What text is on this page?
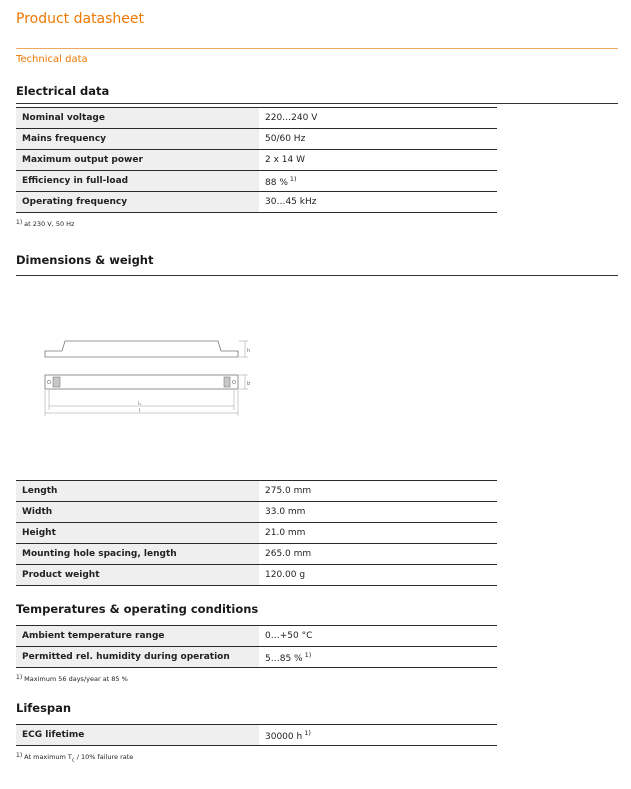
Product datasheet
Technical data
Electrical data
Nominal voltage	220…240 V
Mains frequency	50/60 Hz
Maximum output power	2 x 14 W
Efficiency in full-load	88 % $^{1)}$
Operating frequency	30…45 kHz
1) at 230 V, 50 Hz
Dimensions & weight
h
b
l₁
l
Length	275.0 mm
Width	33.0 mm
Height	21.0 mm
Mounting hole spacing, length	265.0 mm
Product weight	120.00 g
Temperatures & operating conditions
Ambient temperature range	0…+50 °C
Permitted rel. humidity during operation	5…85 % $^{1)}$
1) Maximum 56 days/year at 85 %
Lifespan
ECG lifetime	30000 h $^{1)}$
1) At maximum $T_c / 10\%$ failure rate
